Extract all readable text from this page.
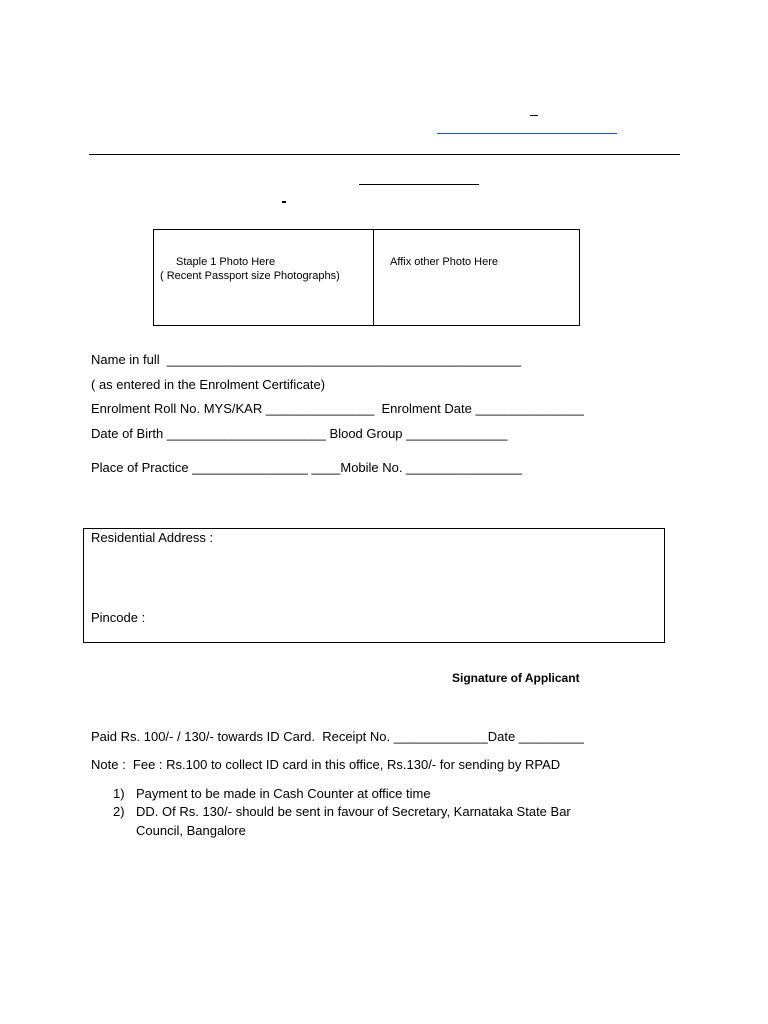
Staple 1 Photo Here
( Recent Passport size Photographs)
Affix other Photo Here
Name in full  _________________________________________________
( as entered in the Enrolment Certificate)
Enrolment Roll No. MYS/KAR _______________  Enrolment Date _______________
Date of Birth ______________________ Blood Group ______________
Place of Practice ________________ ____Mobile No. ________________
Residential Address :
Pincode :
Signature of Applicant
Paid Rs. 100/- / 130/- towards ID Card.  Receipt No. _____________Date _________
Note :  Fee : Rs.100 to collect ID card in this office, Rs.130/- for sending by RPAD
1) Payment to be made in Cash Counter at office time
2) DD. Of Rs. 130/- should be sent in favour of Secretary, Karnataka State Bar
Council, Bangalore
